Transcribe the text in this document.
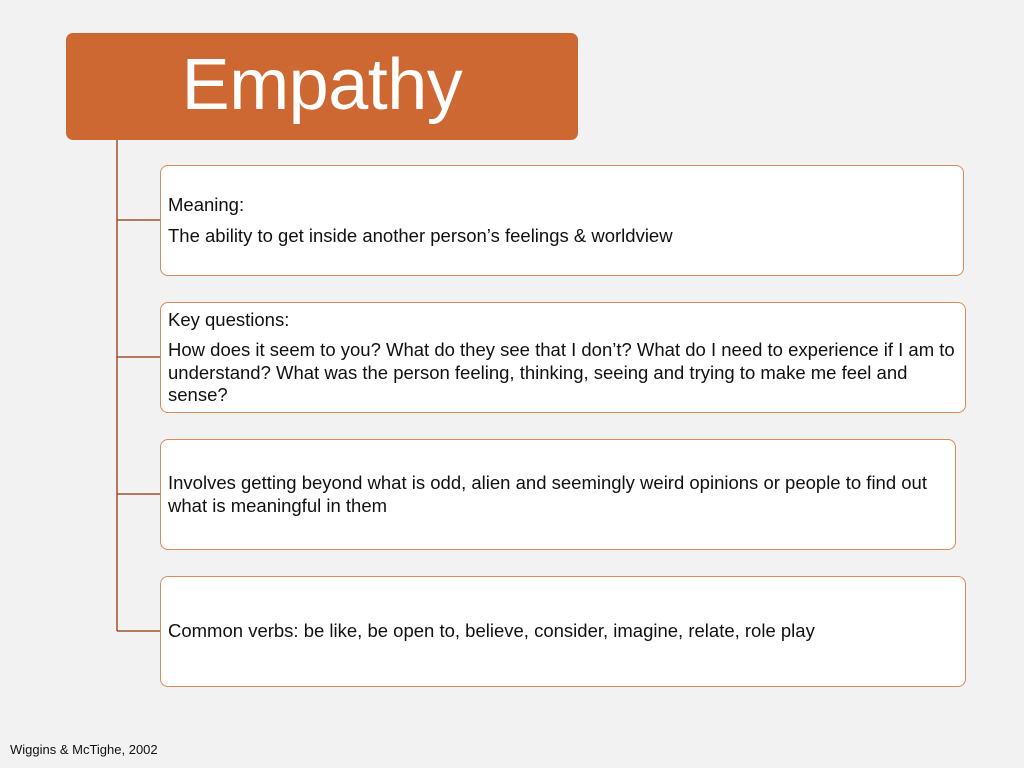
Empathy
Meaning:
The ability to get inside another person’s feelings & worldview
Key questions:
How does it seem to you? What do they see that I don’t? What do I need to experience if I am to understand? What was the person feeling, thinking, seeing and trying to make me feel and sense?
Involves getting beyond what is odd, alien and seemingly weird opinions or people to find out what is meaningful in them
Common verbs: be like, be open to, believe, consider, imagine, relate, role play
Wiggins & McTighe, 2002
